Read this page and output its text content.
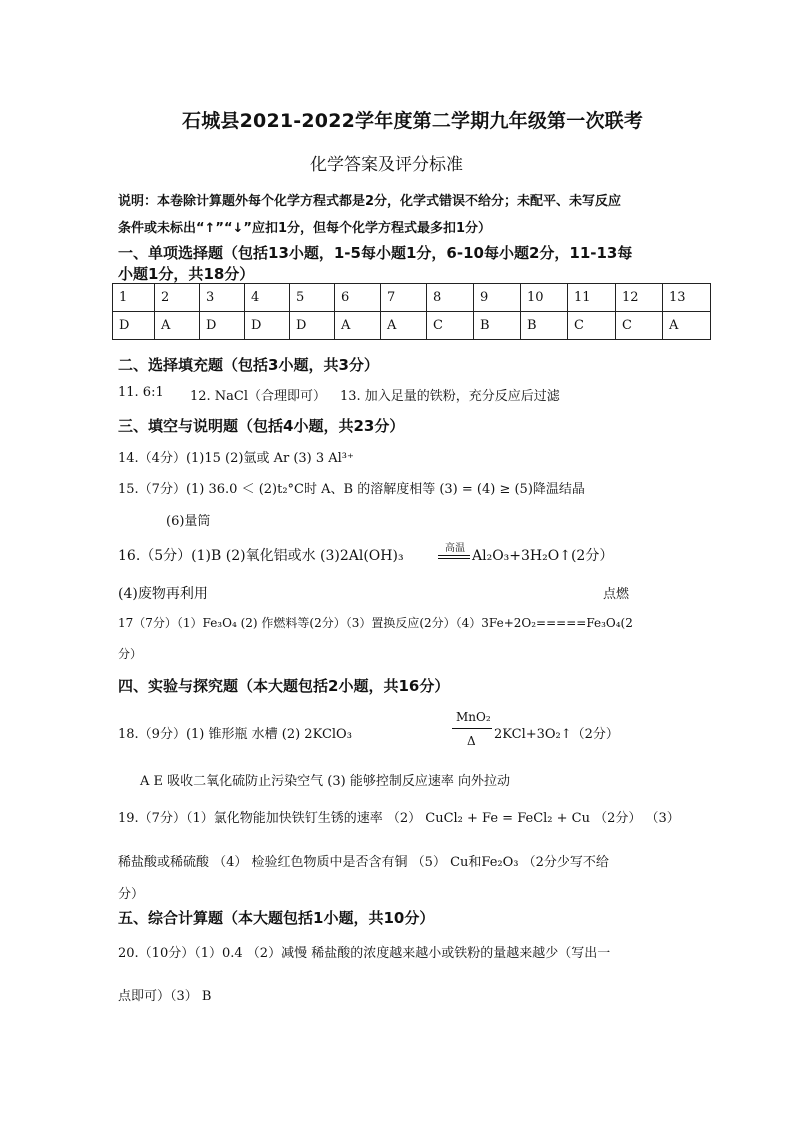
石城县2021-2022学年度第二学期九年级第一次联考
化学答案及评分标准
说明：本卷除计算题外每个化学方程式都是2分，化学式错误不给分；未配平、未写反应
条件或未标出“↑”“↓”应扣1分，但每个化学方程式最多扣1分）
一、单项选择题（包括13小题，1-5每小题1分，6-10每小题2分，11-13每
小题1分，共18分）
1	2	3	4	5	6	7	8	9	10	11	12	13
D	A	D	D	D	A	A	C	B	B	C	C	A
二、选择填充题（包括3小题，共3分）
11. 6:1 12. NaCl（合理即可） 13. 加入足量的铁粉，充分反应后过滤
三、填空与说明题（包括4小题，共23分）
14.（4分）(1)15 (2)氩或 Ar (3) 3 Al³⁺
15.（7分）(1) 36.0 ＜ (2)t₂°C时 A、B 的溶解度相等 (3) = (4) ≥ (5)降温结晶
(6)量筒
16.（5分）(1)B (2)氧化铝或水 (3)2Al(OH)₃	高温 Al₂O₃+3H₂O↑(2分）
(4)废物再利用	点燃
17（7分）（1）Fe₃O₄ (2) 作燃料等(2分）（3）置换反应(2分）（4）3Fe+2O₂=====Fe₃O₄(2
分）
四、实验与探究题（本大题包括2小题，共16分）
18.（9分）(1) 锥形瓶 水槽 (2) 2KClO₃
MnO₂
Δ 2KCl+3O₂↑（2分）
A E 吸收二氧化硫防止污染空气 (3) 能够控制反应速率 向外拉动
19.（7分）（1）氯化物能加快铁钉生锈的速率 （2） CuCl₂ + Fe = FeCl₂ + Cu （2分） （3）
稀盐酸或稀硫酸 （4） 检验红色物质中是否含有铜 （5） Cu和Fe₂O₃ （2分少写不给
分）
五、综合计算题（本大题包括1小题，共10分）
20.（10分）（1）0.4 （2）减慢 稀盐酸的浓度越来越小或铁粉的量越来越少（写出一
点即可）（3） B
